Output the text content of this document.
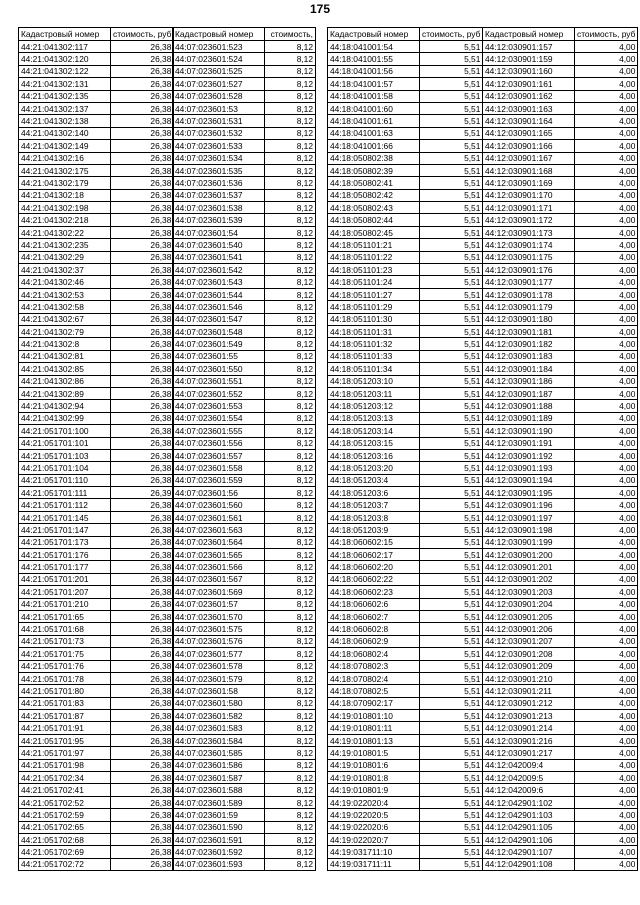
175
Кадастровый номер	стоимость, руб
44:21:041302:117	26,38
44:21:041302:120	26,38
44:21:041302:122	26,38
44:21:041302:131	26,38
44:21:041302:135	26,38
44:21:041302:137	26,38
44:21:041302:138	26,38
44:21:041302:140	26,38
44:21:041302:149	26,38
44:21:041302:16	26,38
44:21:041302:175	26,38
44:21:041302:179	26,38
44:21:041302:18	26,38
44:21:041302:198	26,38
44:21:041302:218	26,38
44:21:041302:22	26,38
44:21:041302:235	26,38
44:21:041302:29	26,38
44:21:041302:37	26,38
44:21:041302:46	26,38
44:21:041302:53	26,38
44:21:041302:58	26,38
44:21:041302:67	26,38
44:21:041302:79	26,38
44:21:041302:8	26,38
44:21:041302:81	26,38
44:21:041302:85	26,38
44:21:041302:86	26,38
44:21:041302:89	26,38
44:21:041302:94	26,38
44:21:041302:99	26,38
44:21:051701:100	26,38
44:21:051701:101	26,38
44:21:051701:103	26,38
44:21:051701:104	26,38
44:21:051701:110	26,38
44:21:051701:111	26,39
44:21:051701:112	26,38
44:21:051701:145	26,38
44:21:051701:147	26,38
44:21:051701:173	26,38
44:21:051701:176	26,38
44:21:051701:177	26,38
44:21:051701:201	26,38
44:21:051701:207	26,38
44:21:051701:210	26,38
44:21:051701:65	26,38
44:21:051701:68	26,38
44:21:051701:73	26,38
44:21:051701:75	26,38
44:21:051701:76	26,38
44:21:051701:78	26,38
44:21:051701:80	26,38
44:21:051701:83	26,38
44:21:051701:87	26,38
44:21:051701:91	26,38
44:21:051701:95	26,38
44:21:051701:97	26,38
44:21:051701:98	26,38
44:21:051702:34	26,38
44:21:051702:41	26,38
44:21:051702:52	26,38
44:21:051702:59	26,38
44:21:051702:65	26,38
44:21:051702:68	26,38
44:21:051702:69	26,38
44:21:051702:72	26,38
Кадастровый номер	стоимость,
44:07:023601:523	8,12
44:07:023601:524	8,12
44:07:023601:525	8,12
44:07:023601:527	8,12
44:07:023601:528	8,12
44:07:023601:53	8,12
44:07:023601:531	8,12
44:07:023601:532	8,12
44:07:023601:533	8,12
44:07:023601:534	8,12
44:07:023601:535	8,12
44:07:023601:536	8,12
44:07:023601:537	8,12
44:07:023601:538	8,12
44:07:023601:539	8,12
44:07:023601:54	8,12
44:07:023601:540	8,12
44:07:023601:541	8,12
44:07:023601:542	8,12
44:07:023601:543	8,12
44:07:023601:544	8,12
44:07:023601:546	8,12
44:07:023601:547	8,12
44:07:023601:548	8,12
44:07:023601:549	8,12
44:07:023601:55	8,12
44:07:023601:550	8,12
44:07:023601:551	8,12
44:07:023601:552	8,12
44:07:023601:553	8,12
44:07:023601:554	8,12
44:07:023601:555	8,12
44:07:023601:556	8,12
44:07:023601:557	8,12
44:07:023601:558	8,12
44:07:023601:559	8,12
44:07:023601:56	8,12
44:07:023601:560	8,12
44:07:023601:561	8,12
44:07:023601:563	8,12
44:07:023601:564	8,12
44:07:023601:565	8,12
44:07:023601:566	8,12
44:07:023601:567	8,12
44:07:023601:569	8,12
44:07:023601:57	8,12
44:07:023601:570	8,12
44:07:023601:575	8,12
44:07:023601:576	8,12
44:07:023601:577	8,12
44:07:023601:578	8,12
44:07:023601:579	8,12
44:07:023601:58	8,12
44:07:023601:580	8,12
44:07:023601:582	8,12
44:07:023601:583	8,12
44:07:023601:584	8,12
44:07:023601:585	8,12
44:07:023601:586	8,12
44:07:023601:587	8,12
44:07:023601:588	8,12
44:07:023601:589	8,12
44:07:023601:59	8,12
44:07:023601:590	8,12
44:07:023601:591	8,12
44:07:023601:592	8,12
44:07:023601:593	8,12
Кадастровый номер	стоимость, руб
44:18:041001:54	5,51
44:18:041001:55	5,51
44:18:041001:56	5,51
44:18:041001:57	5,51
44:18:041001:58	5,51
44:18:041001:60	5,51
44:18:041001:61	5,51
44:18:041001:63	5,51
44:18:041001:66	5,51
44:18:050802:38	5,51
44:18:050802:39	5,51
44:18:050802:41	5,51
44:18:050802:42	5,51
44:18:050802:43	5,51
44:18:050802:44	5,51
44:18:050802:45	5,51
44:18:051101:21	5,51
44:18:051101:22	5,51
44:18:051101:23	5,51
44:18:051101:24	5,51
44:18:051101:27	5,51
44:18:051101:29	5,51
44:18:051101:30	5,51
44:18:051101:31	5,51
44:18:051101:32	5,51
44:18:051101:33	5,51
44:18:051101:34	5,51
44:18:051203:10	5,51
44:18:051203:11	5,51
44:18:051203:12	5,51
44:18:051203:13	5,51
44:18:051203:14	5,51
44:18:051203:15	5,51
44:18:051203:16	5,51
44:18:051203:20	5,51
44:18:051203:4	5,51
44:18:051203:6	5,51
44:18:051203:7	5,51
44:18:051203:8	5,51
44:18:051203:9	5,51
44:18:060602:15	5,51
44:18:060602:17	5,51
44:18:060602:20	5,51
44:18:060602:22	5,51
44:18:060602:23	5,51
44:18:060602:6	5,51
44:18:060602:7	5,51
44:18:060602:8	5,51
44:18:060602:9	5,51
44:18:060802:4	5,51
44:18:070802:3	5,51
44:18:070802:4	5,51
44:18:070802:5	5,51
44:18:070902:17	5,51
44:19:010801:10	5,51
44:19:010801:11	5,51
44:19:010801:13	5,51
44:19:010801:5	5,51
44:19:010801:6	5,51
44:19:010801:8	5,51
44:19:010801:9	5,51
44:19:022020:4	5,51
44:19:022020:5	5,51
44:19:022020:6	5,51
44:19:022020:7	5,51
44:19:031711:10	5,51
44:19:031711:11	5,51
Кадастровый номер	стоимость, руб
44:12:030901:157	4,00
44:12:030901:159	4,00
44:12:030901:160	4,00
44:12:030901:161	4,00
44:12:030901:162	4,00
44:12:030901:163	4,00
44:12:030901:164	4,00
44:12:030901:165	4,00
44:12:030901:166	4,00
44:12:030901:167	4,00
44:12:030901:168	4,00
44:12:030901:169	4,00
44:12:030901:170	4,00
44:12:030901:171	4,00
44:12:030901:172	4,00
44:12:030901:173	4,00
44:12:030901:174	4,00
44:12:030901:175	4,00
44:12:030901:176	4,00
44:12:030901:177	4,00
44:12:030901:178	4,00
44:12:030901:179	4,00
44:12:030901:180	4,00
44:12:030901:181	4,00
44:12:030901:182	4,00
44:12:030901:183	4,00
44:12:030901:184	4,00
44:12:030901:186	4,00
44:12:030901:187	4,00
44:12:030901:188	4,00
44:12:030901:189	4,00
44:12:030901:190	4,00
44:12:030901:191	4,00
44:12:030901:192	4,00
44:12:030901:193	4,00
44:12:030901:194	4,00
44:12:030901:195	4,00
44:12:030901:196	4,00
44:12:030901:197	4,00
44:12:030901:198	4,00
44:12:030901:199	4,00
44:12:030901:200	4,00
44:12:030901:201	4,00
44:12:030901:202	4,00
44:12:030901:203	4,00
44:12:030901:204	4,00
44:12:030901:205	4,00
44:12:030901:206	4,00
44:12:030901:207	4,00
44:12:030901:208	4,00
44:12:030901:209	4,00
44:12:030901:210	4,00
44:12:030901:211	4,00
44:12:030901:212	4,00
44:12:030901:213	4,00
44:12:030901:214	4,00
44:12:030901:216	4,00
44:12:030901:217	4,00
44:12:042009:4	4,00
44:12:042009:5	4,00
44:12:042009:6	4,00
44:12:042901:102	4,00
44:12:042901:103	4,00
44:12:042901:105	4,00
44:12:042901:106	4,00
44:12:042901:107	4,00
44:12:042901:108	4,00
